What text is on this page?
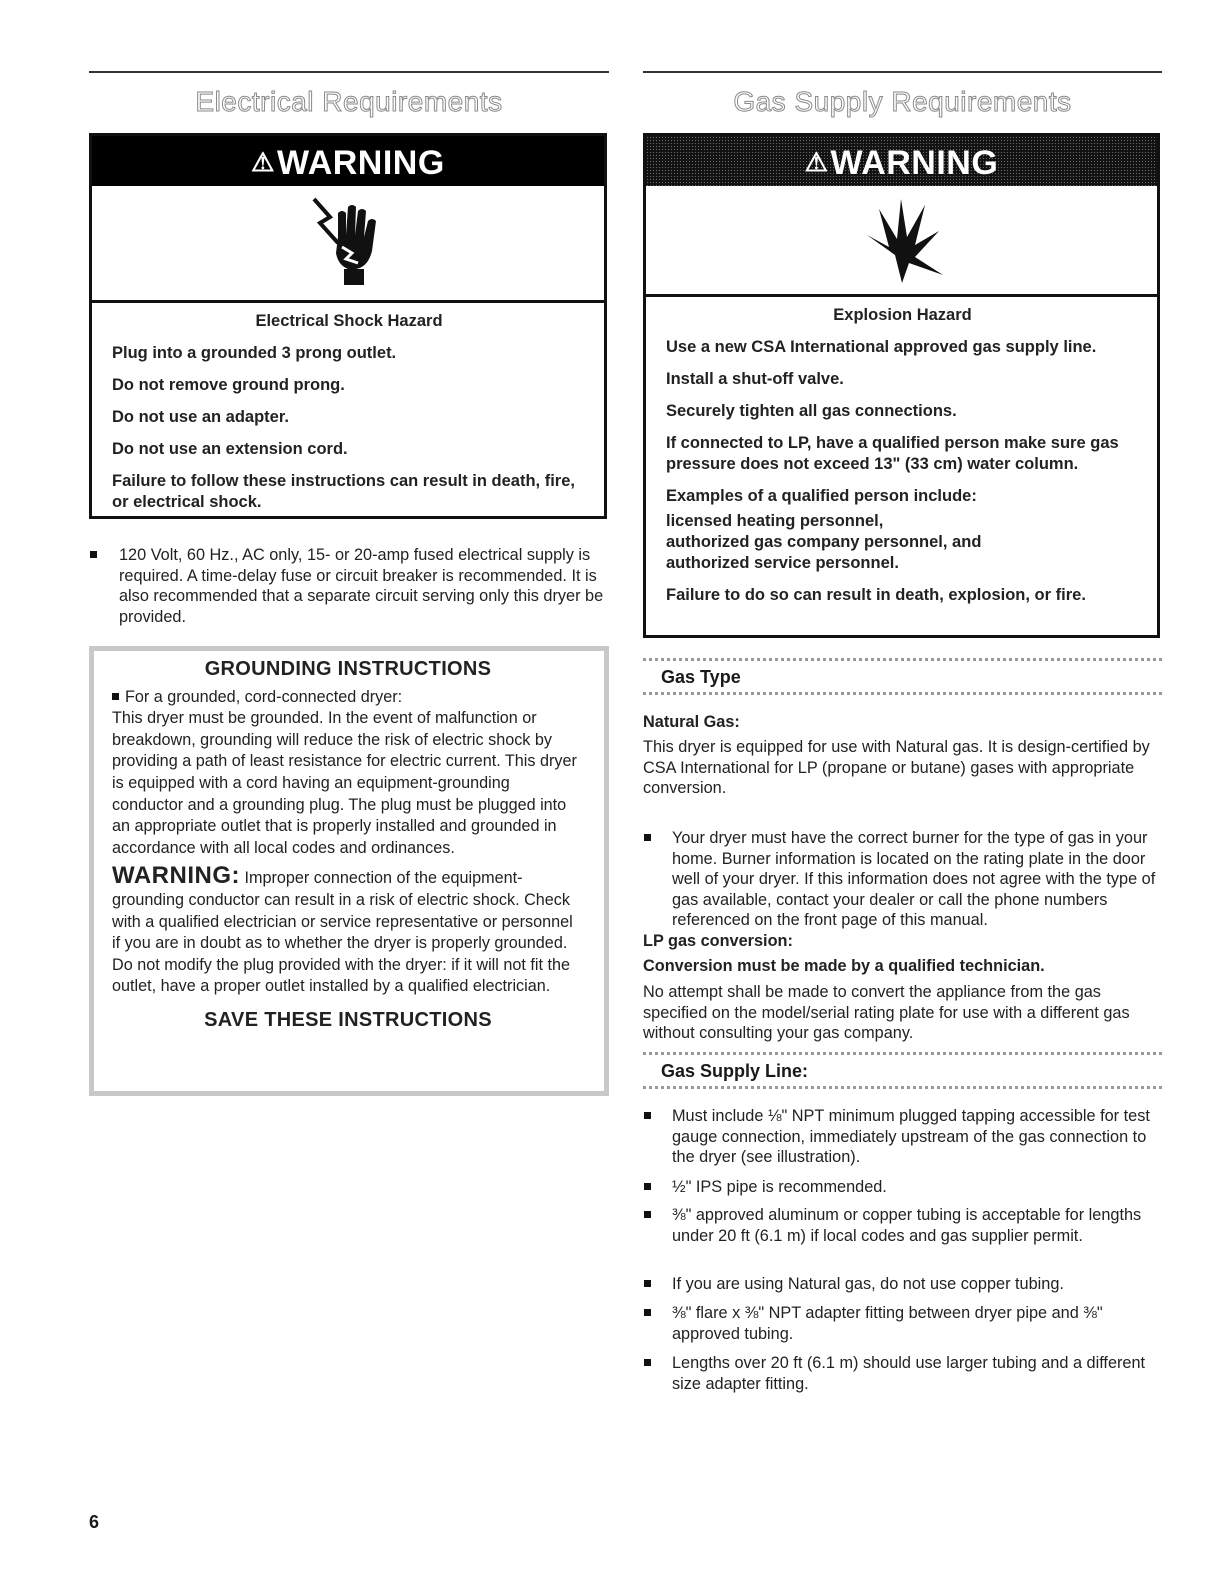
Electrical Requirements
⚠WARNING
Electrical Shock Hazard

Plug into a grounded 3 prong outlet.

Do not remove ground prong.

Do not use an adapter.

Do not use an extension cord.

Failure to follow these instructions can result in death, fire, or electrical shock.

120 Volt, 60 Hz., AC only, 15- or 20-amp fused electrical supply is required. A time-delay fuse or circuit breaker is recommended. It is also recommended that a separate circuit serving only this dryer be provided.
GROUNDING INSTRUCTIONS

For a grounded, cord-connected dryer:

This dryer must be grounded. In the event of malfunction or breakdown, grounding will reduce the risk of electric shock by providing a path of least resistance for electric current. This dryer is equipped with a cord having an equipment-grounding conductor and a grounding plug. The plug must be plugged into an appropriate outlet that is properly installed and grounded in accordance with all local codes and ordinances.

WARNING: Improper connection of the equipment-grounding conductor can result in a risk of electric shock. Check with a qualified electrician or service representative or personnel if you are in doubt as to whether the dryer is properly grounded. Do not modify the plug provided with the dryer: if it will not fit the outlet, have a proper outlet installed by a qualified electrician.

SAVE THESE INSTRUCTIONS
Gas Supply Requirements
⚠WARNING
Explosion Hazard

Use a new CSA International approved gas supply line.

Install a shut-off valve.

Securely tighten all gas connections.

If connected to LP, have a qualified person make sure gas pressure does not exceed 13" (33 cm) water column.

Examples of a qualified person include:

licensed heating personnel,
authorized gas company personnel, and
authorized service personnel.

Failure to do so can result in death, explosion, or fire.

Gas Type
Natural Gas:
This dryer is equipped for use with Natural gas. It is design-certified by CSA International for LP (propane or butane) gases with appropriate conversion.
Your dryer must have the correct burner for the type of gas in your home. Burner information is located on the rating plate in the door well of your dryer. If this information does not agree with the type of gas available, contact your dealer or call the phone numbers referenced on the front page of this manual.
LP gas conversion:
Conversion must be made by a qualified technician.
No attempt shall be made to convert the appliance from the gas specified on the model/serial rating plate for use with a different gas without consulting your gas company.
Gas Supply Line:
Must include ⅛" NPT minimum plugged tapping accessible for test gauge connection, immediately upstream of the gas connection to the dryer (see illustration).
½" IPS pipe is recommended.
⅜" approved aluminum or copper tubing is acceptable for lengths under 20 ft (6.1 m) if local codes and gas supplier permit.
If you are using Natural gas, do not use copper tubing.
⅜" flare x ⅜" NPT adapter fitting between dryer pipe and ⅜" approved tubing.
Lengths over 20 ft (6.1 m) should use larger tubing and a different size adapter fitting.
6
